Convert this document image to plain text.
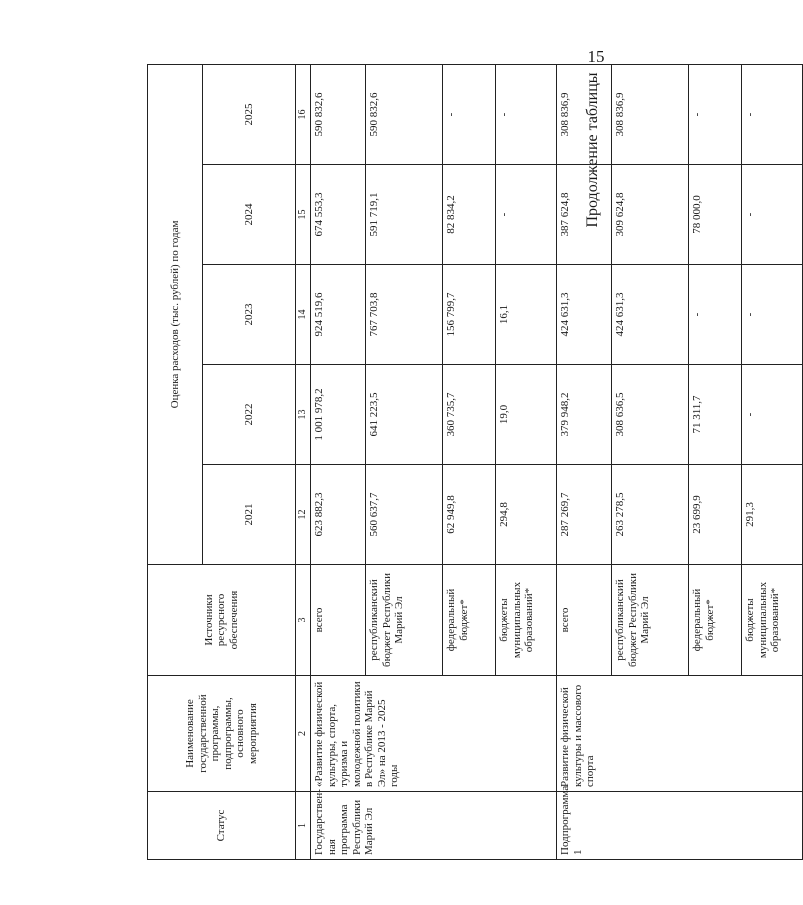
15
Продолжение таблицы
Статус	Наименование государственной программы, подпрограммы, основного мероприятия	Источники ресурсного обеспечения	Оценка расходов (тыс. рублей) по годам				
			2021	2022	2023	2024	2025
1	2	3	12	13	14	15	16
Государствен-ная программа Республики Марий Эл	«Развитие физической культуры, спорта, туризма и молодежной политики в Республике Марий Эл» на 2013 - 2025 годы	всего	623 882,3	1 001 978,2	924 519,6	674 553,3	590 832,6
		республиканский бюджет Республики Марий Эл	560 637,7	641 223,5	767 703,8	591 719,1	590 832,6
		федеральный бюджет*	62 949,8	360 735,7	156 799,7	82 834,2	-
		бюджеты муниципальных образований*	294,8	19,0	16,1	-	-
Подпрограмма 1	Развитие физической культуры и массового спорта	всего	287 269,7	379 948,2	424 631,3	387 624,8	308 836,9
		республиканский бюджет Республики Марий Эл	263 278,5	308 636,5	424 631,3	309 624,8	308 836,9
		федеральный бюджет*	23 699,9	71 311,7	-	78 000,0	-
		бюджеты муниципальных образований*	291,3	-	-	-	-
